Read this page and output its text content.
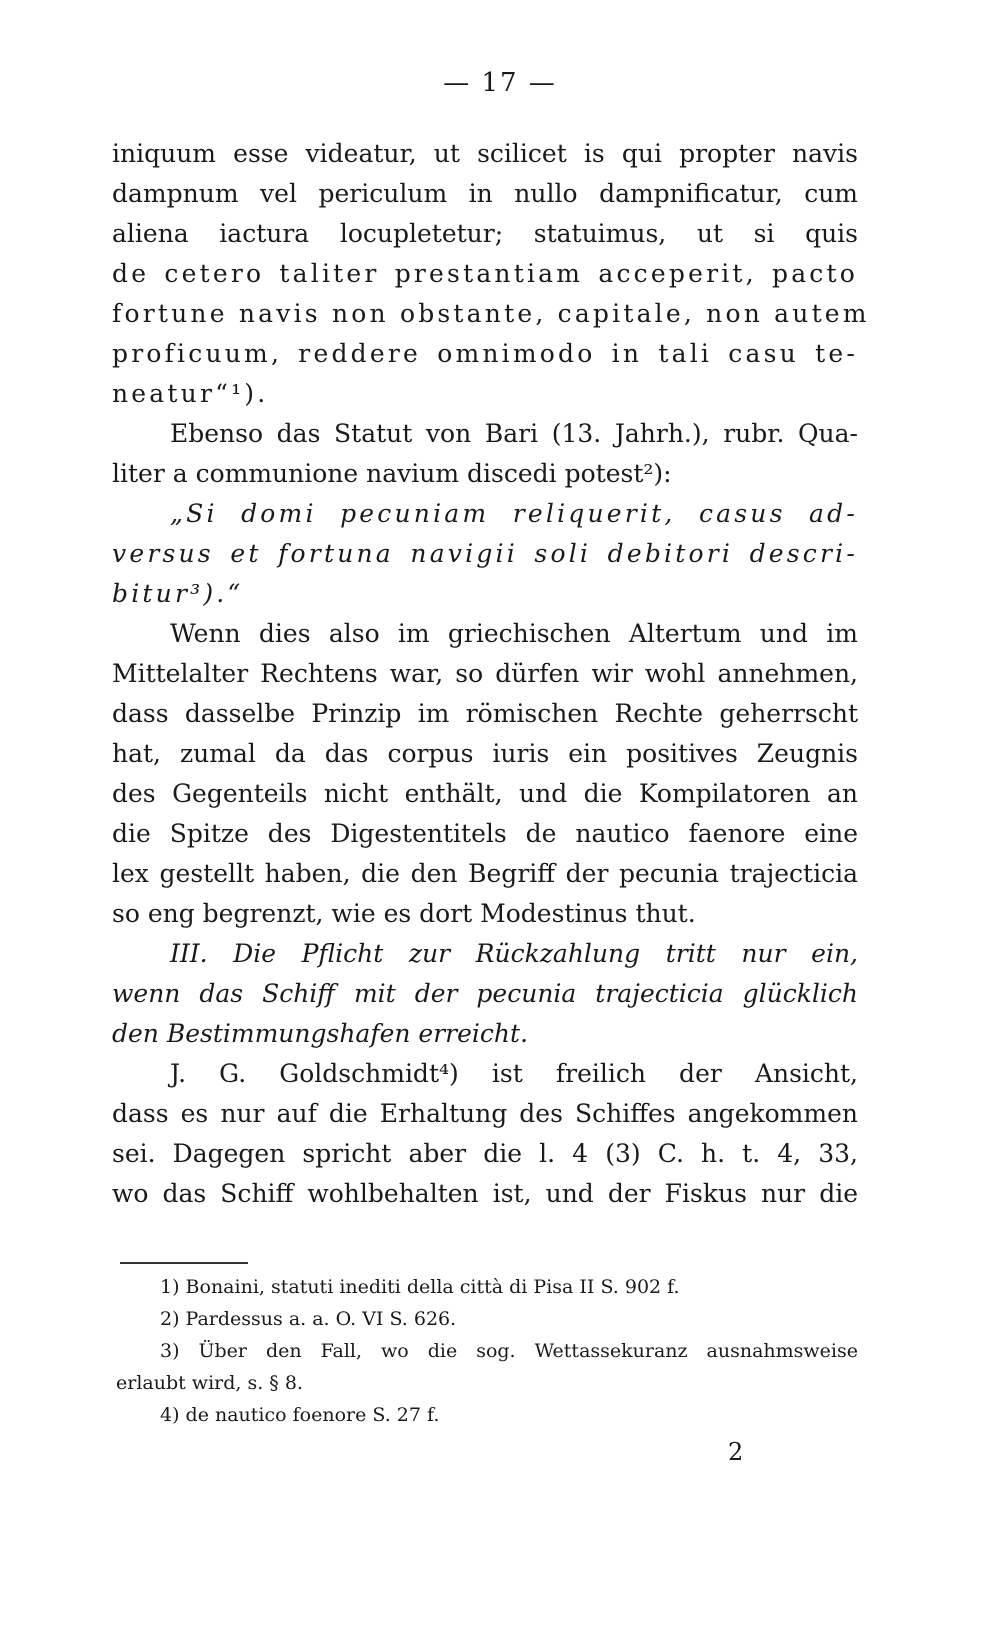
— 17 —
iniquum esse videatur, ut scilicet is qui propter navis
dampnum vel periculum in nullo dampnificatur, cum
aliena iactura locupletetur; statuimus, ut si quis
de cetero taliter prestantiam acceperit, pacto
fortune navis non obstante, capitale, non autem
proficuum, reddere omnimodo in tali casu te-
neatur“¹).
Ebenso das Statut von Bari (13. Jahrh.), rubr. Qua-
liter a communione navium discedi potest²):
„Si domi pecuniam reliquerit, casus ad-
versus et fortuna navigii soli debitori descri-
bitur³).“
Wenn dies also im griechischen Altertum und im
Mittelalter Rechtens war, so dürfen wir wohl annehmen,
dass dasselbe Prinzip im römischen Rechte geherrscht
hat, zumal da das corpus iuris ein positives Zeugnis
des Gegenteils nicht enthält, und die Kompilatoren an
die Spitze des Digestentitels de nautico faenore eine
lex gestellt haben, die den Begriff der pecunia trajecticia
so eng begrenzt, wie es dort Modestinus thut.
III. Die Pflicht zur Rückzahlung tritt nur ein,
wenn das Schiff mit der pecunia trajecticia glücklich
den Bestimmungshafen erreicht.
J. G. Goldschmidt⁴) ist freilich der Ansicht,
dass es nur auf die Erhaltung des Schiffes angekommen
sei. Dagegen spricht aber die l. 4 (3) C. h. t. 4, 33,
wo das Schiff wohlbehalten ist, und der Fiskus nur die
1) Bonaini, statuti inediti della città di Pisa II S. 902 f.
2) Pardessus a. a. O. VI S. 626.
3) Über den Fall, wo die sog. Wettassekuranz ausnahmsweise
erlaubt wird, s. § 8.
4) de nautico foenore S. 27 f.
2
